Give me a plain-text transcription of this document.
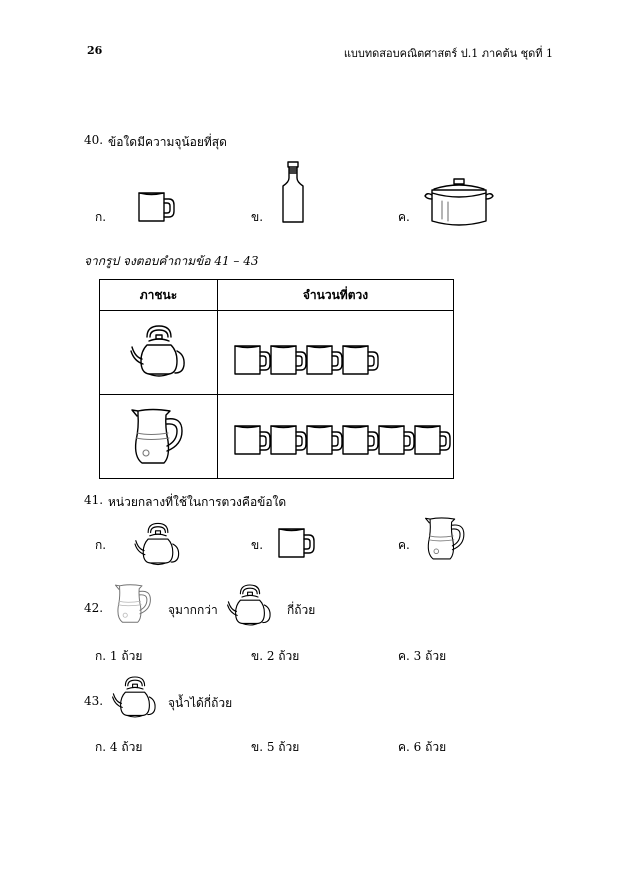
26	แบบทดสอบคณิตศาสตร์ ป.1 ภาคต้น ชุดที่ 1
40. ข้อใดมีความจุน้อยที่สุด
ก.	ข.	ค.
จากรูป จงตอบคำถามข้อ 41 – 43
ภาชนะ	จำนวนที่ตวง

41. หน่วยกลางที่ใช้ในการตวงคือข้อใด
ก.	ข.	ค.
42.	จุมากกว่า	กี่ถ้วย
ก. 1 ถ้วย	ข. 2 ถ้วย	ค. 3 ถ้วย
43.	จุน้ำได้กี่ถ้วย
ก. 4 ถ้วย	ข. 5 ถ้วย	ค. 6 ถ้วย
